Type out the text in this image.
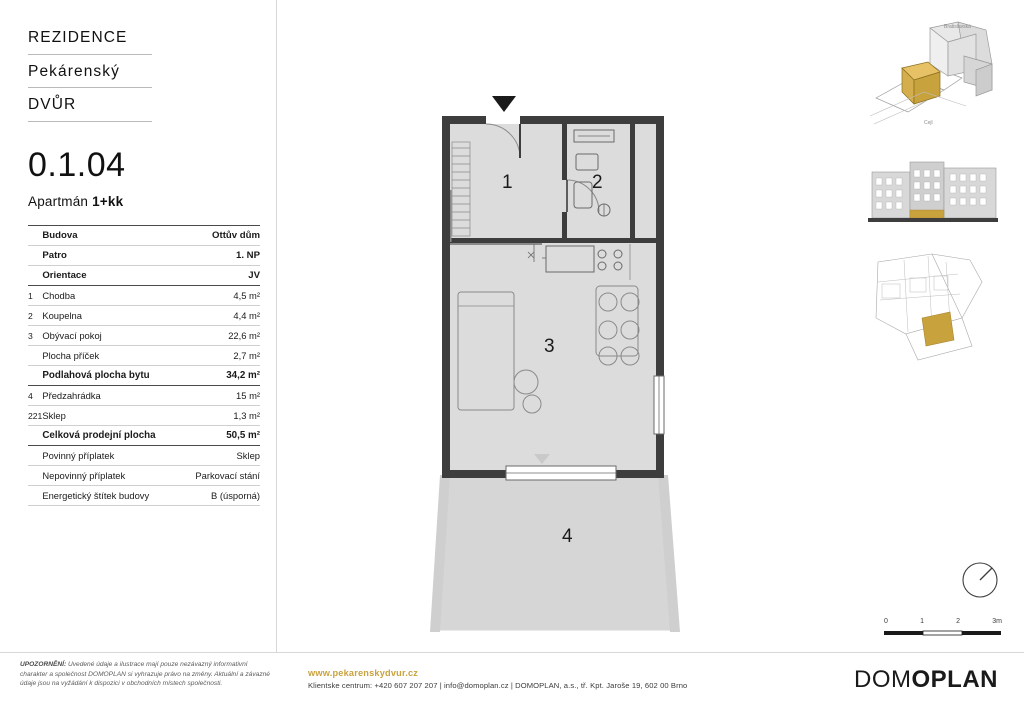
REZIDENCE
Pekárenský
DVŮR
0.1.04
Apartmán 1+kk
	Budova	Ottův dům
	Patro	1. NP
	Orientace	JV
1	Chodba	4,5 m²
2	Koupelna	4,4 m²
3	Obývací pokoj	22,6 m²
	Plocha příček	2,7 m²
	Podlahová plocha bytu	34,2 m²
4	Předzahrádka	15 m²
221	Sklep	1,3 m²
	Celková prodejní plocha	50,5 m²
	Povinný příplatek	Sklep
	Nepovinný příplatek	Parkovací stání
	Energetický štítek budovy	B (úsporná)
1	2
3
4
Bratislavská
Cejl
0	1	2	3m
UPOZORNĚNÍ: Uvedené údaje a ilustrace mají pouze nezávazný informativní charakter a společnost DOMOPLAN si vyhrazuje právo na změny. Aktuální a závazné údaje jsou na vyžádání k dispozici v obchodních místech společnosti.
www.pekarenskydvur.cz
Klientske centrum: +420 607 207 207 | info@domoplan.cz | DOMOPLAN, a.s., tř. Kpt. Jaroše 19, 602 00 Brno	DOMOPLAN
